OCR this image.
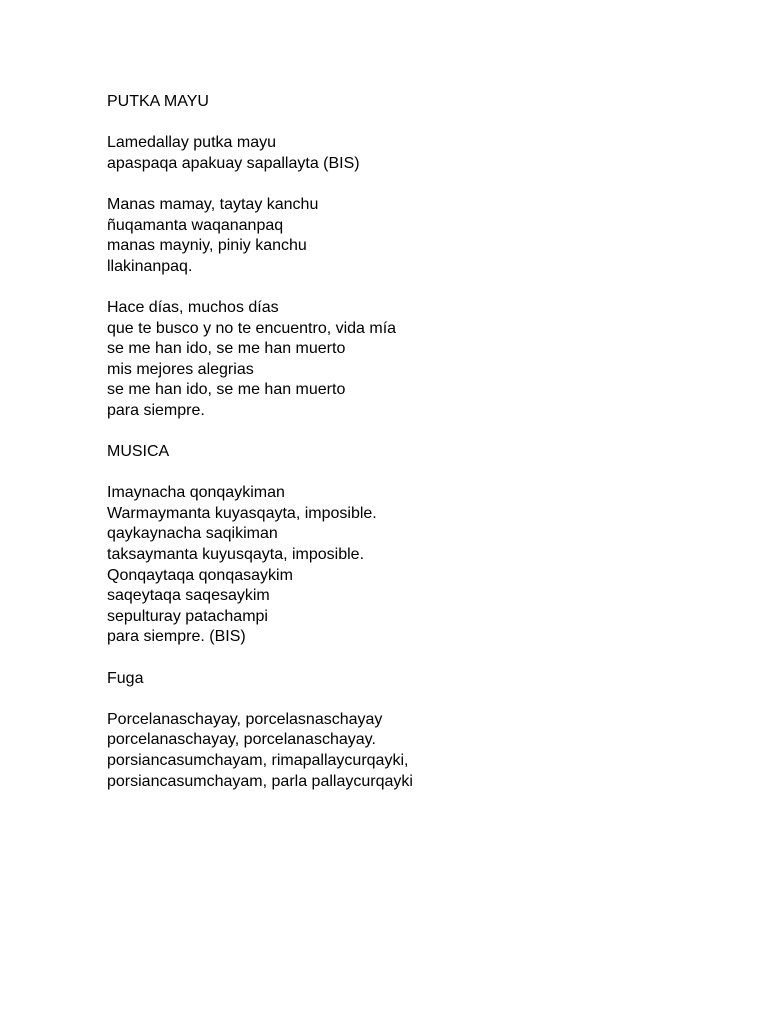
PUTKA MAYU
Lamedallay putka mayu
apaspaqa apakuay sapallayta (BIS)
Manas mamay, taytay kanchu
ñuqamanta waqananpaq
manas mayniy, piniy kanchu
llakinanpaq.
Hace días, muchos días
que te busco y no te encuentro, vida mía
se me han ido, se me han muerto
mis mejores alegrias
se me han ido, se me han muerto
para siempre.
MUSICA
Imaynacha qonqaykiman
Warmaymanta kuyasqayta, imposible.
qaykaynacha saqikiman
taksaymanta kuyusqayta, imposible.
Qonqaytaqa qonqasaykim
saqeytaqa saqesaykim
sepulturay patachampi
para siempre. (BIS)
Fuga
Porcelanaschayay, porcelasnaschayay
porcelanaschayay, porcelanaschayay.
porsiancasumchayam, rimapallaycurqayki,
porsiancasumchayam, parla pallaycurqayki
